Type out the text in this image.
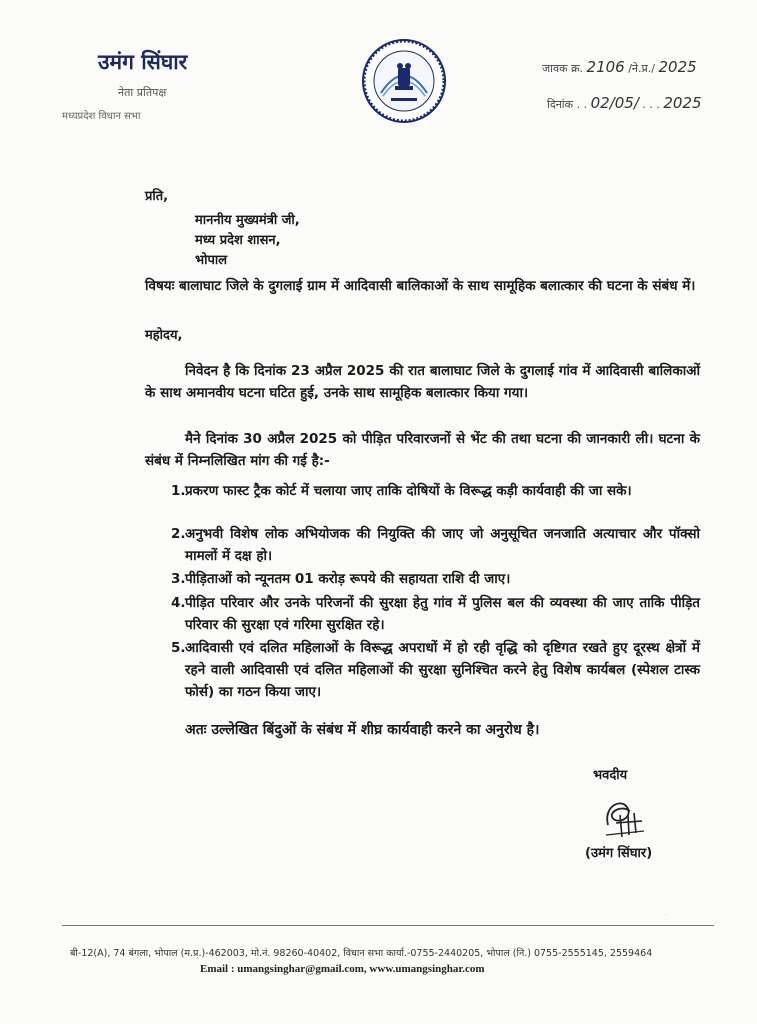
उमंग सिंघार
नेता प्रतिपक्ष
मध्यप्रदेश विधान सभा
जावक क्र. 2106 /ने.प्र./ 2025
दिनांक . . 02/05/ . . . 2025
प्रति,
माननीय मुख्यमंत्री जी,
मध्य प्रदेश शासन,
भोपाल
विषयः बालाघाट जिले के दुगलाई ग्राम में आदिवासी बालिकाओं के साथ सामूहिक बलात्कार की घटना के संबंध में।
महोदय,
निवेदन है कि दिनांक 23 अप्रैल 2025 की रात बालाघाट जिले के दुगलाई गांव में आदिवासी बालिकाओं के साथ अमानवीय घटना घटित हुई, उनके साथ सामूहिक बलात्कार किया गया।
मैने दिनांक 30 अप्रैल 2025 को पीड़ित परिवारजनों से भेंट की तथा घटना की जानकारी ली। घटना के संबंध में निम्नलिखित मांग की गई है:-
1. प्रकरण फास्ट ट्रैक कोर्ट में चलाया जाए ताकि दोषियों के विरूद्ध कड़ी कार्यवाही की जा सके।
2. अनुभवी विशेष लोक अभियोजक की नियुक्ति की जाए जो अनुसूचित जनजाति अत्याचार और पॉक्सो मामलों में दक्ष हो।
3. पीड़िताओं को न्यूनतम 01 करोड़ रूपये की सहायता राशि दी जाए।
4. पीड़ित परिवार और उनके परिजनों की सुरक्षा हेतु गांव में पुलिस बल की व्यवस्था की जाए ताकि पीड़ित परिवार की सुरक्षा एवं गरिमा सुरक्षित रहे।
5. आदिवासी एवं दलित महिलाओं के विरूद्ध अपराधों में हो रही वृद्धि को दृष्टिगत रखते हुए दूरस्थ क्षेत्रों में रहने वाली आदिवासी एवं दलित महिलाओं की सुरक्षा सुनिश्चित करने हेतु विशेष कार्यबल (स्पेशल टास्क फोर्स) का गठन किया जाए।
अतः उल्लेखित बिंदुओं के संबंध में शीघ्र कार्यवाही करने का अनुरोध है।
भवदीय
(उमंग सिंघार)
·
बी-12(A), 74 बंगला, भोपाल (म.प्र.)-462003, मो.नं. 98260-40402, विधान सभा कार्या.-0755-2440205, भोपाल (नि.) 0755-2555145, 2559464
Email : umangsinghar@gmail.com, www.umangsinghar.com
